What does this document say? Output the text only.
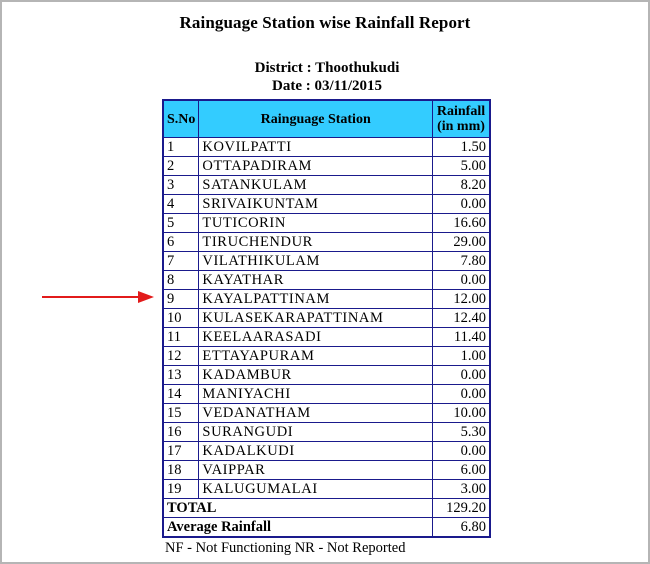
Rainguage Station wise Rainfall Report
District : Thoothukudi
Date : 03/11/2015
S.No	Rainguage Station	Rainfall
(in mm)
1	KOVILPATTI	1.50
2	OTTAPADIRAM	5.00
3	SATANKULAM	8.20
4	SRIVAIKUNTAM	0.00
5	TUTICORIN	16.60
6	TIRUCHENDUR	29.00
7	VILATHIKULAM	7.80
8	KAYATHAR	0.00
9	KAYALPATTINAM	12.00
10	KULASEKARAPATTINAM	12.40
11	KEELAARASADI	11.40
12	ETTAYAPURAM	1.00
13	KADAMBUR	0.00
14	MANIYACHI	0.00
15	VEDANATHAM	10.00
16	SURANGUDI	5.30
17	KADALKUDI	0.00
18	VAIPPAR	6.00
19	KALUGUMALAI	3.00
TOTAL		129.20
Average Rainfall		6.80
NF - Not Functioning NR - Not Reported
